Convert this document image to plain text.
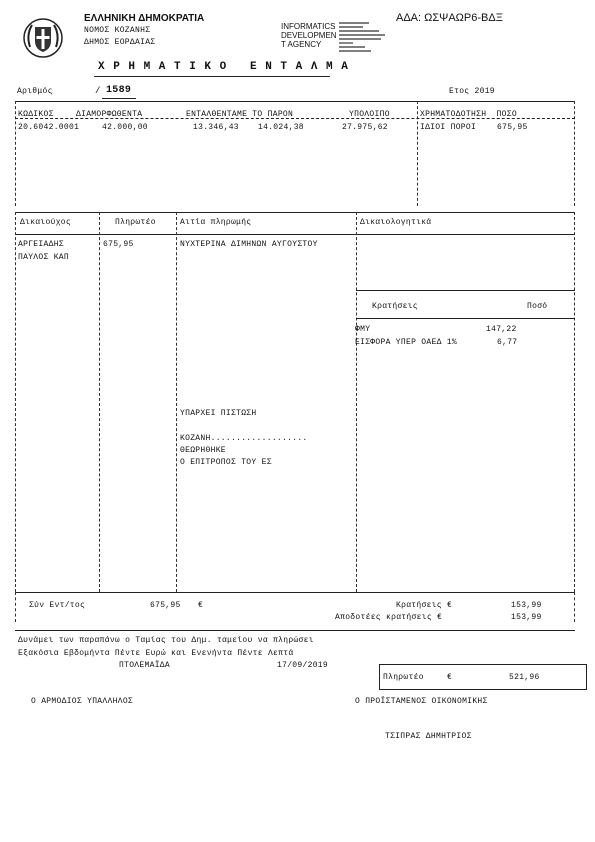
ΕΛΛΗΝΙΚΗ ΔΗΜΟΚΡΑΤΙΑ
ΝΟΜΟΣ ΚΟΖΑΝΗΣ
ΔΗΜΟΣ ΕΟΡΔΑΙΑΣ
INFORMATICS
DEVELOPMEN
T AGENCY
ΑΔΑ: ΩΣΨΑΩΡ6-ΒΔΞ
Χ Ρ Η Μ Α Τ Ι Κ Ο   Ε Ν Τ Α Λ Μ Α
Αριθμός	/ 1589	Ετος 2019
ΚΩΔΙΚΟΣ	ΔΙΑΜΟΡΦΩΘΕΝΤΑ	ΕΝΤΑΛΘΕΝΤΑΜΕ ΤΟ ΠΑΡΟΝ	ΥΠΟΛΟΙΠΟ	ΧΡΗΜΑΤΟΔΟΤΗΣΗ  ΠΟΣΟ
20.6042.0001	42.000,00	13.346,43 14.024,38	27.975,62	ΙΔΙΟΙ ΠΟΡΟΙ	675,95
Δικαιούχος	Πληρωτέο	Αιτία πληρωμής	Δικαιολογητικά
ΑΡΓΕΙΑΔΗΣ
ΠΑΥΛΟΣ ΚΑΠ
675,95	ΝΥΧΤΕΡΙΝΑ ΔΙΜΗΝΩΝ ΑΥΓΟΥΣΤΟΥ
Κρατήσεις	Ποσό
ΦΜΥ	147,22
ΕΙΣΦΟΡΑ ΥΠΕΡ ΟΑΕΔ 1%	6,77
ΥΠΑΡΧΕΙ ΠΙΣΤΩΣΗ
ΚΟΖΑΝΗ...................
ΘΕΩΡΗΘΗΚΕ
Ο ΕΠΙΤΡΟΠΟΣ ΤΟΥ ΕΣ
Σύν Εντ/τος	675,95 €	Κρατήσεις €	153,99
Αποδοτέες κρατήσεις €	153,99
Δυνάμει των παραπάνω ο Ταμίας του Δημ. ταμείου να πληρώσει
Εξακόσια Εβδομήντα Πέντε Ευρώ και Ενενήντα Πέντε Λεπτά
ΠΤΟΛΕΜΑΪΔΑ	17/09/2019
Πληρωτέο	€	521,96
Ο ΑΡΜΟΔΙΟΣ ΥΠΑΛΛΗΛΟΣ	Ο ΠΡΟΪΣΤΑΜΕΝΟΣ ΟΙΚΟΝΟΜΙΚΗΣ
ΤΣΙΠΡΑΣ ΔΗΜΗΤΡΙΟΣ
